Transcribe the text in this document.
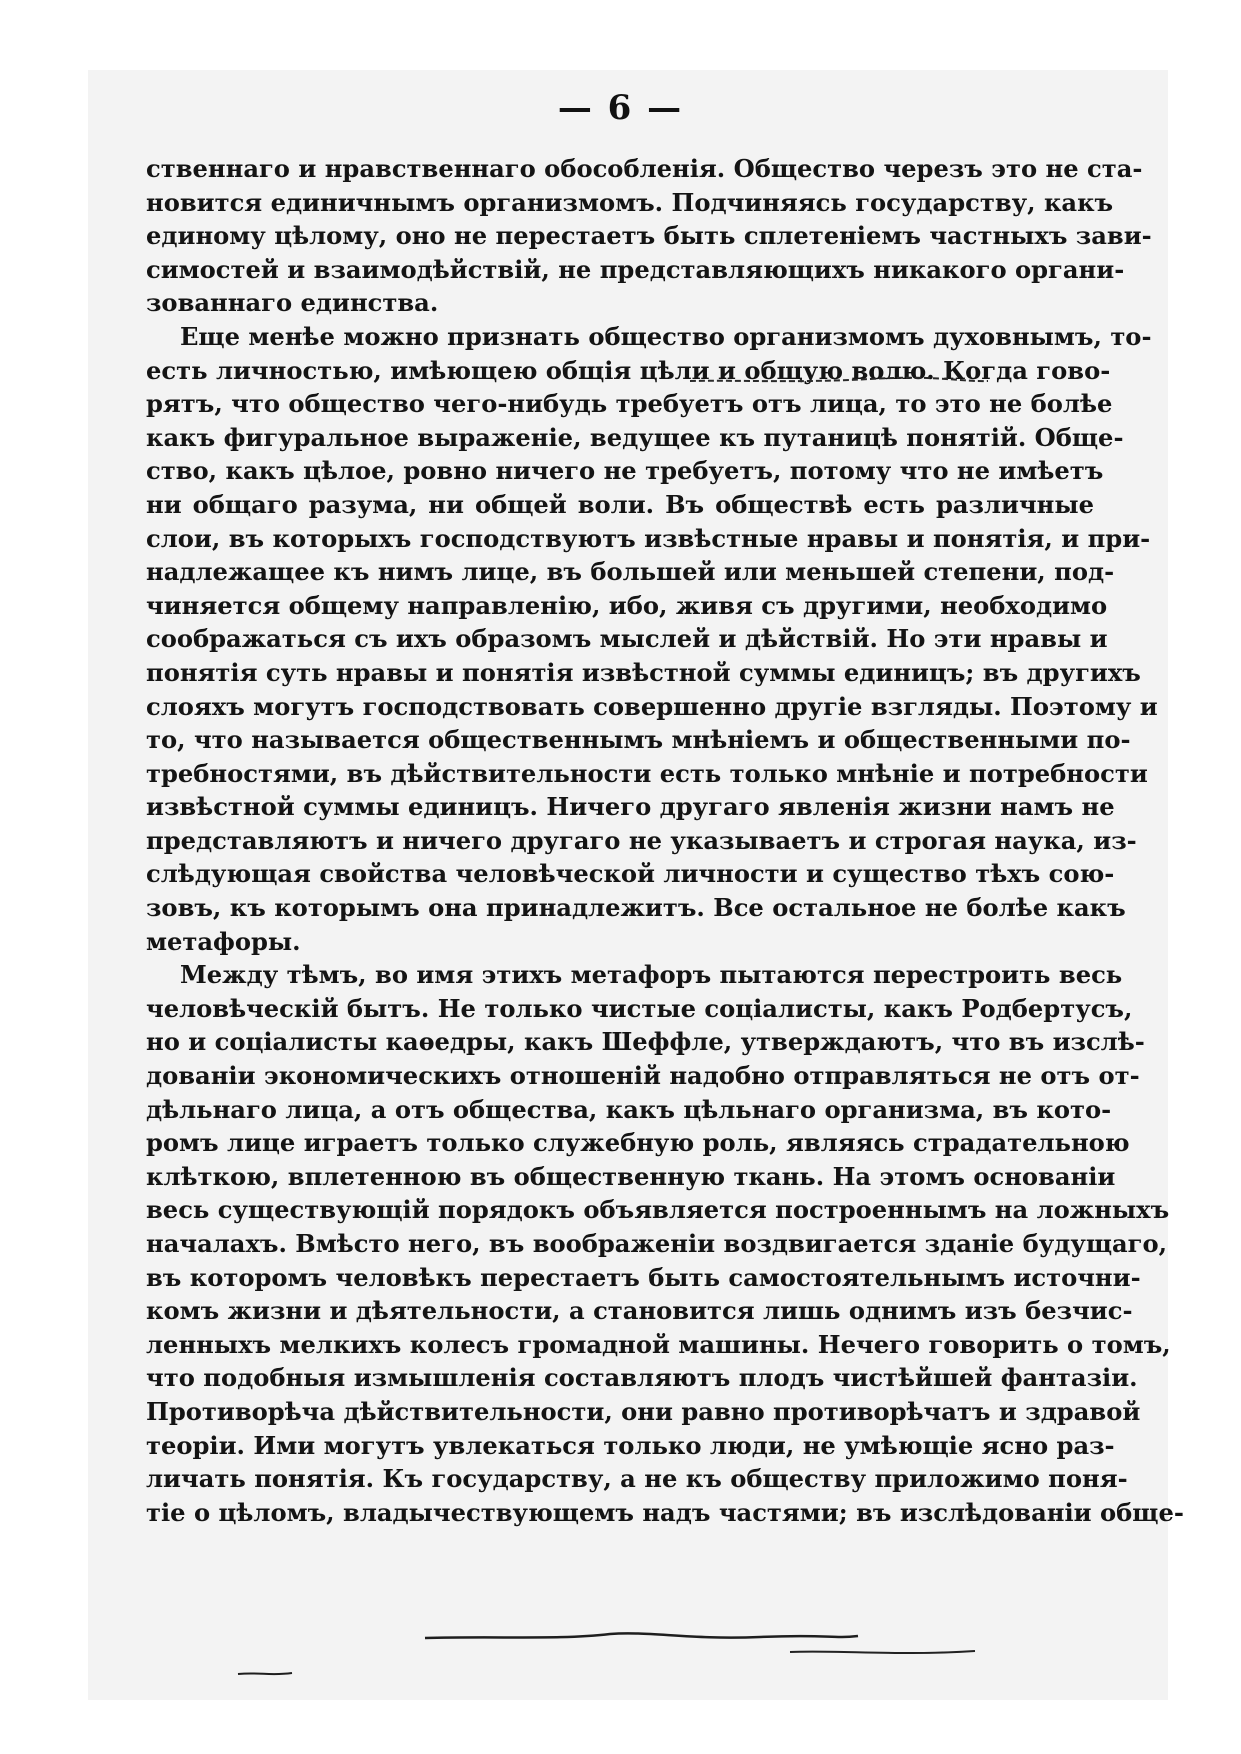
— 6 —
ственнаго и нравственнаго обособленія. Общество черезъ это не ста-
новится единичнымъ организмомъ. Подчиняясь государству, какъ
единому цѣлому, оно не перестаетъ быть сплетеніемъ частныхъ зави-
симостей и взаимодѣйствій, не представляющихъ никакого органи-
зованнаго единства.
Еще менѣе можно признать общество организмомъ духовнымъ, то-
есть личностью, имѣющею общія цѣли и общую волю. Когда гово-
рятъ, что общество чего-нибудь требуетъ отъ лица, то это не болѣе
какъ фигуральное выраженіе, ведущее къ путаницѣ понятій. Обще-
ство, какъ цѣлое, ровно ничего не требуетъ, потому что не имѣетъ
ни общаго разума, ни общей воли. Въ обществѣ есть различные
слои, въ которыхъ господствуютъ извѣстные нравы и понятія, и при-
надлежащее къ нимъ лице, въ большей или меньшей степени, под-
чиняется общему направленію, ибо, живя съ другими, необходимо
соображаться съ ихъ образомъ мыслей и дѣйствій. Но эти нравы и
понятія суть нравы и понятія извѣстной суммы единицъ; въ другихъ
слояхъ могутъ господствовать совершенно другіе взгляды. Поэтому и
то, что называется общественнымъ мнѣніемъ и общественными по-
требностями, въ дѣйствительности есть только мнѣніе и потребности
извѣстной суммы единицъ. Ничего другаго явленія жизни намъ не
представляютъ и ничего другаго не указываетъ и строгая наука, из-
слѣдующая свойства человѣческой личности и существо тѣхъ сою-
зовъ, къ которымъ она принадлежитъ. Все остальное не болѣе какъ
метафоры.
Между тѣмъ, во имя этихъ метафоръ пытаются перестроить весь
человѣческій бытъ. Не только чистые соціалисты, какъ Родбертусъ,
но и соціалисты каѳедры, какъ Шеффле, утверждаютъ, что въ изслѣ-
дованіи экономическихъ отношеній надобно отправляться не отъ от-
дѣльнаго лица, а отъ общества, какъ цѣльнаго организма, въ кото-
ромъ лице играетъ только служебную роль, являясь страдательною
клѣткою, вплетенною въ общественную ткань. На этомъ основаніи
весь существующій порядокъ объявляется построеннымъ на ложныхъ
началахъ. Вмѣсто него, въ воображеніи воздвигается зданіе будущаго,
въ которомъ человѣкъ перестаетъ быть самостоятельнымъ источни-
комъ жизни и дѣятельности, а становится лишь однимъ изъ безчис-
ленныхъ мелкихъ колесъ громадной машины. Нечего говорить о томъ,
что подобныя измышленія составляютъ плодъ чистѣйшей фантазіи.
Противорѣча дѣйствительности, они равно противорѣчатъ и здравой
теоріи. Ими могутъ увлекаться только люди, не умѣющіе ясно раз-
личать понятія. Къ государству, а не къ обществу приложимо поня-
тіе о цѣломъ, владычествующемъ надъ частями; въ изслѣдованіи обще-
